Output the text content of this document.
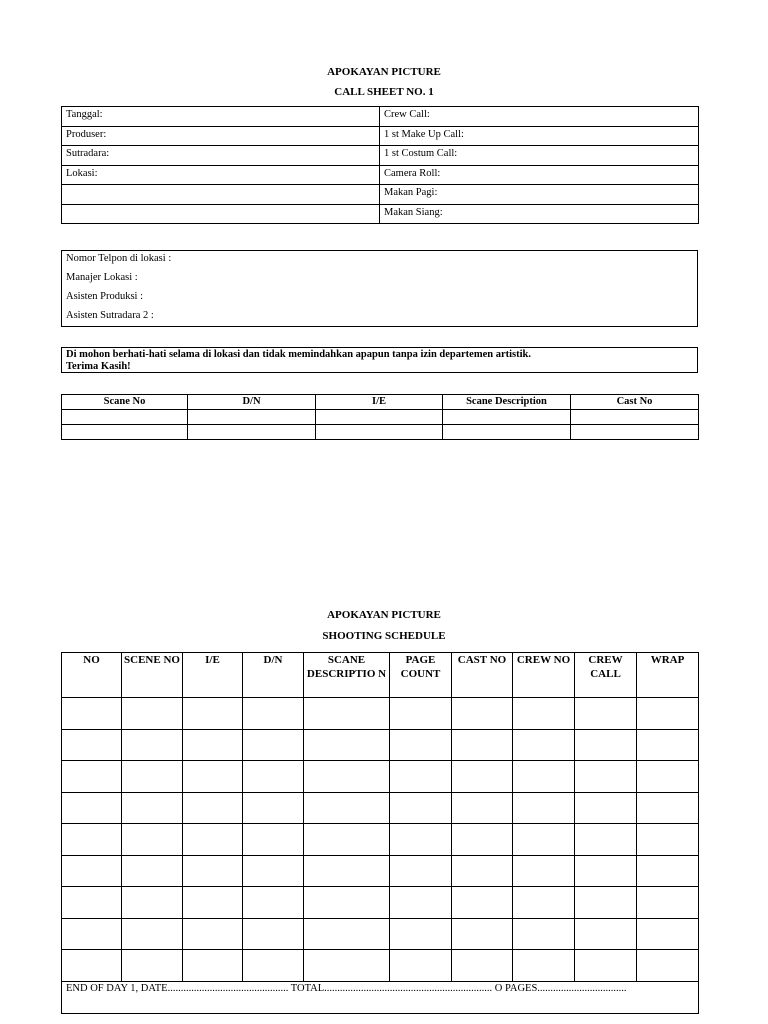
APOKAYAN PICTURE
CALL SHEET NO. 1
Tanggal:	Crew Call:
Produser:	1 st Make Up Call:
Sutradara:	1 st Costum Call:
Lokasi:	Camera Roll:
	Makan Pagi:
	Makan Siang:
Nomor Telpon di lokasi :
Manajer Lokasi :
Asisten Produksi :
Asisten Sutradara 2 :
Di mohon berhati-hati selama di lokasi dan tidak memindahkan apapun tanpa izin departemen artistik.
Terima Kasih!
Scane No	D/N	I/E	Scane Description	Cast No

APOKAYAN PICTURE
SHOOTING SCHEDULE
NO	SCENE NO	I/E	D/N	SCANE DESCRIPTIO N	PAGE COUNT	CAST NO	CREW NO	CREW CALL	WRAP

END OF DAY 1, DATE.............................................. TOTAL................................................................ O PAGES..................................									
